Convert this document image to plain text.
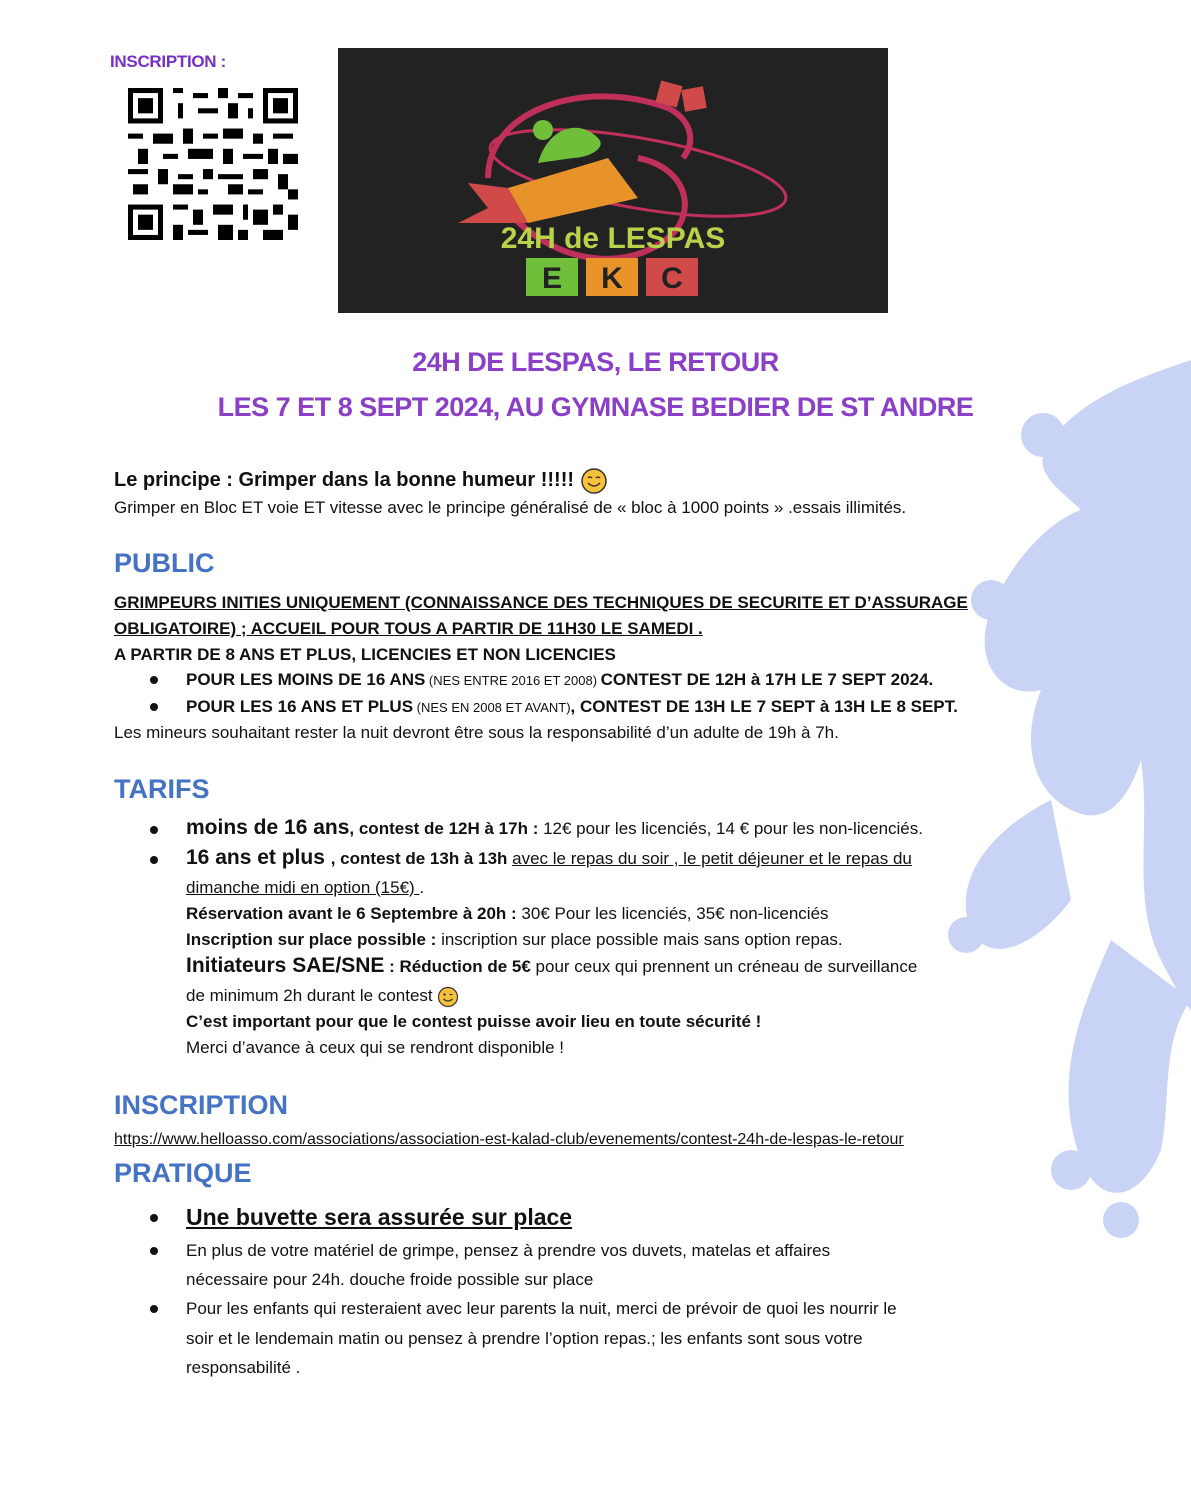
INSCRIPTION :
24H de LESPAS
E K C
24H DE LESPAS, LE RETOUR
LES 7 ET 8 SEPT 2024, AU GYMNASE BEDIER DE ST ANDRE
Le principe : Grimper dans la bonne humeur !!!!!
Grimper en Bloc ET voie ET vitesse avec le principe généralisé de « bloc à 1000 points » .essais illimités.
PUBLIC
GRIMPEURS INITIES UNIQUEMENT (CONNAISSANCE DES TECHNIQUES DE SECURITE ET D’ASSURAGE
OBLIGATOIRE) ; ACCUEIL POUR TOUS A PARTIR DE 11H30 LE SAMEDI .
A PARTIR DE 8 ANS ET PLUS, LICENCIES ET NON LICENCIES
POUR LES MOINS DE 16 ANS (NES ENTRE 2016 ET 2008) CONTEST DE 12H à 17H LE 7 SEPT 2024.
POUR LES 16 ANS ET PLUS (NES EN 2008 ET AVANT), CONTEST DE 13H LE 7 SEPT à 13H LE 8 SEPT.
Les mineurs souhaitant rester la nuit devront être sous la responsabilité d’un adulte de 19h à 7h.
TARIFS
moins de 16 ans, contest de 12H à 17h : 12€ pour les licenciés, 14 € pour les non-licenciés.
16 ans et plus , contest de 13h à 13h avec le repas du soir , le petit déjeuner et le repas du
dimanche midi en option (15€) .
Réservation avant le 6 Septembre à 20h : 30€ Pour les licenciés, 35€ non-licenciés
Inscription sur place possible : inscription sur place possible mais sans option repas.
Initiateurs SAE/SNE : Réduction de 5€ pour ceux qui prennent un créneau de surveillance
de minimum 2h durant le contest
C’est important pour que le contest puisse avoir lieu en toute sécurité !
Merci d’avance à ceux qui se rendront disponible !
INSCRIPTION
https://www.helloasso.com/associations/association-est-kalad-club/evenements/contest-24h-de-lespas-le-retour
PRATIQUE
Une buvette sera assurée sur place
En plus de votre matériel de grimpe, pensez à prendre vos duvets, matelas et affaires
nécessaire pour 24h. douche froide possible sur place
Pour les enfants qui resteraient avec leur parents la nuit, merci de prévoir de quoi les nourrir le
soir et le lendemain matin ou pensez à prendre l’option repas.; les enfants sont sous votre
responsabilité .
